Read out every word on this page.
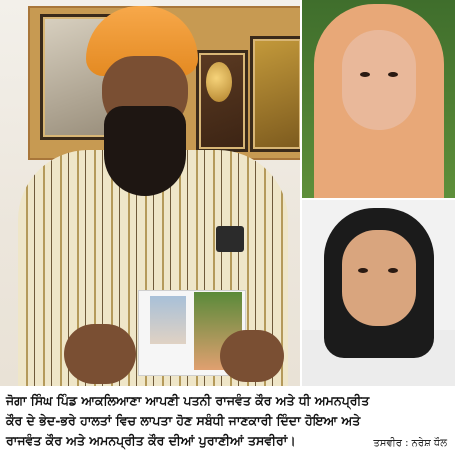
ਜੋਗਾ ਸਿੰਘ ਪਿੰਡ ਆਕਲਿਆਣਾ ਆਪਣੀ ਪਤਨੀ ਰਾਜਵੰਤ ਕੌਰ ਅਤੇ ਧੀ ਅਮਨਪ੍ਰੀਤ
ਕੌਰ ਦੇ ਭੇਦ-ਭਰੇ ਹਾਲਤਾਂ ਵਿਚ ਲਾਪਤਾ ਹੋਣ ਸਬੰਧੀ ਜਾਣਕਾਰੀ ਦਿੰਦਾ ਹੋਇਆ ਅਤੇ
ਰਾਜਵੰਤ ਕੌਰ ਅਤੇ ਅਮਨਪ੍ਰੀਤ ਕੌਰ ਦੀਆਂ ਪੁਰਾਣੀਆਂ ਤਸਵੀਰਾਂ।	ਤਸਵੀਰ : ਨਰੇਸ਼ ਧੌਲ
